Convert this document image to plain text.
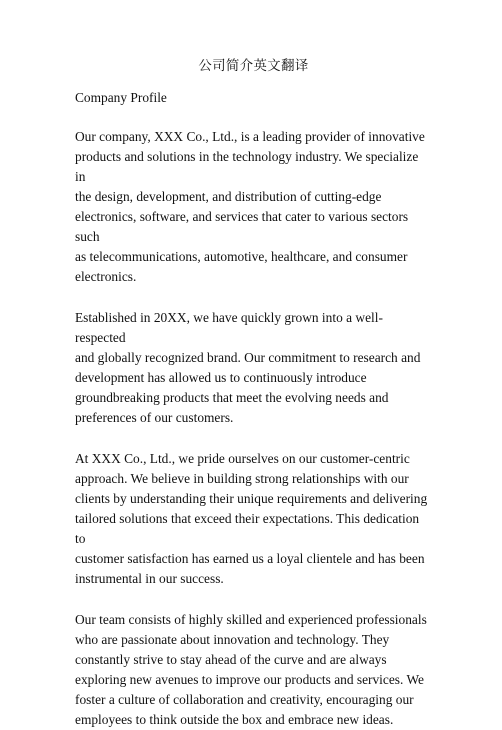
公司简介英文翻译
Company Profile

Our company, XXX Co., Ltd., is a leading provider of innovative
products and solutions in the technology industry. We specialize in
the design, development, and distribution of cutting-edge
electronics, software, and services that cater to various sectors such
as telecommunications, automotive, healthcare, and consumer
electronics.

Established in 20XX, we have quickly grown into a well-respected
and globally recognized brand. Our commitment to research and
development has allowed us to continuously introduce
groundbreaking products that meet the evolving needs and
preferences of our customers.

At XXX Co., Ltd., we pride ourselves on our customer-centric
approach. We believe in building strong relationships with our
clients by understanding their unique requirements and delivering
tailored solutions that exceed their expectations. This dedication to
customer satisfaction has earned us a loyal clientele and has been
instrumental in our success.

Our team consists of highly skilled and experienced professionals
who are passionate about innovation and technology. They
constantly strive to stay ahead of the curve and are always
exploring new avenues to improve our products and services. We
foster a culture of collaboration and creativity, encouraging our
employees to think outside the box and embrace new ideas.
